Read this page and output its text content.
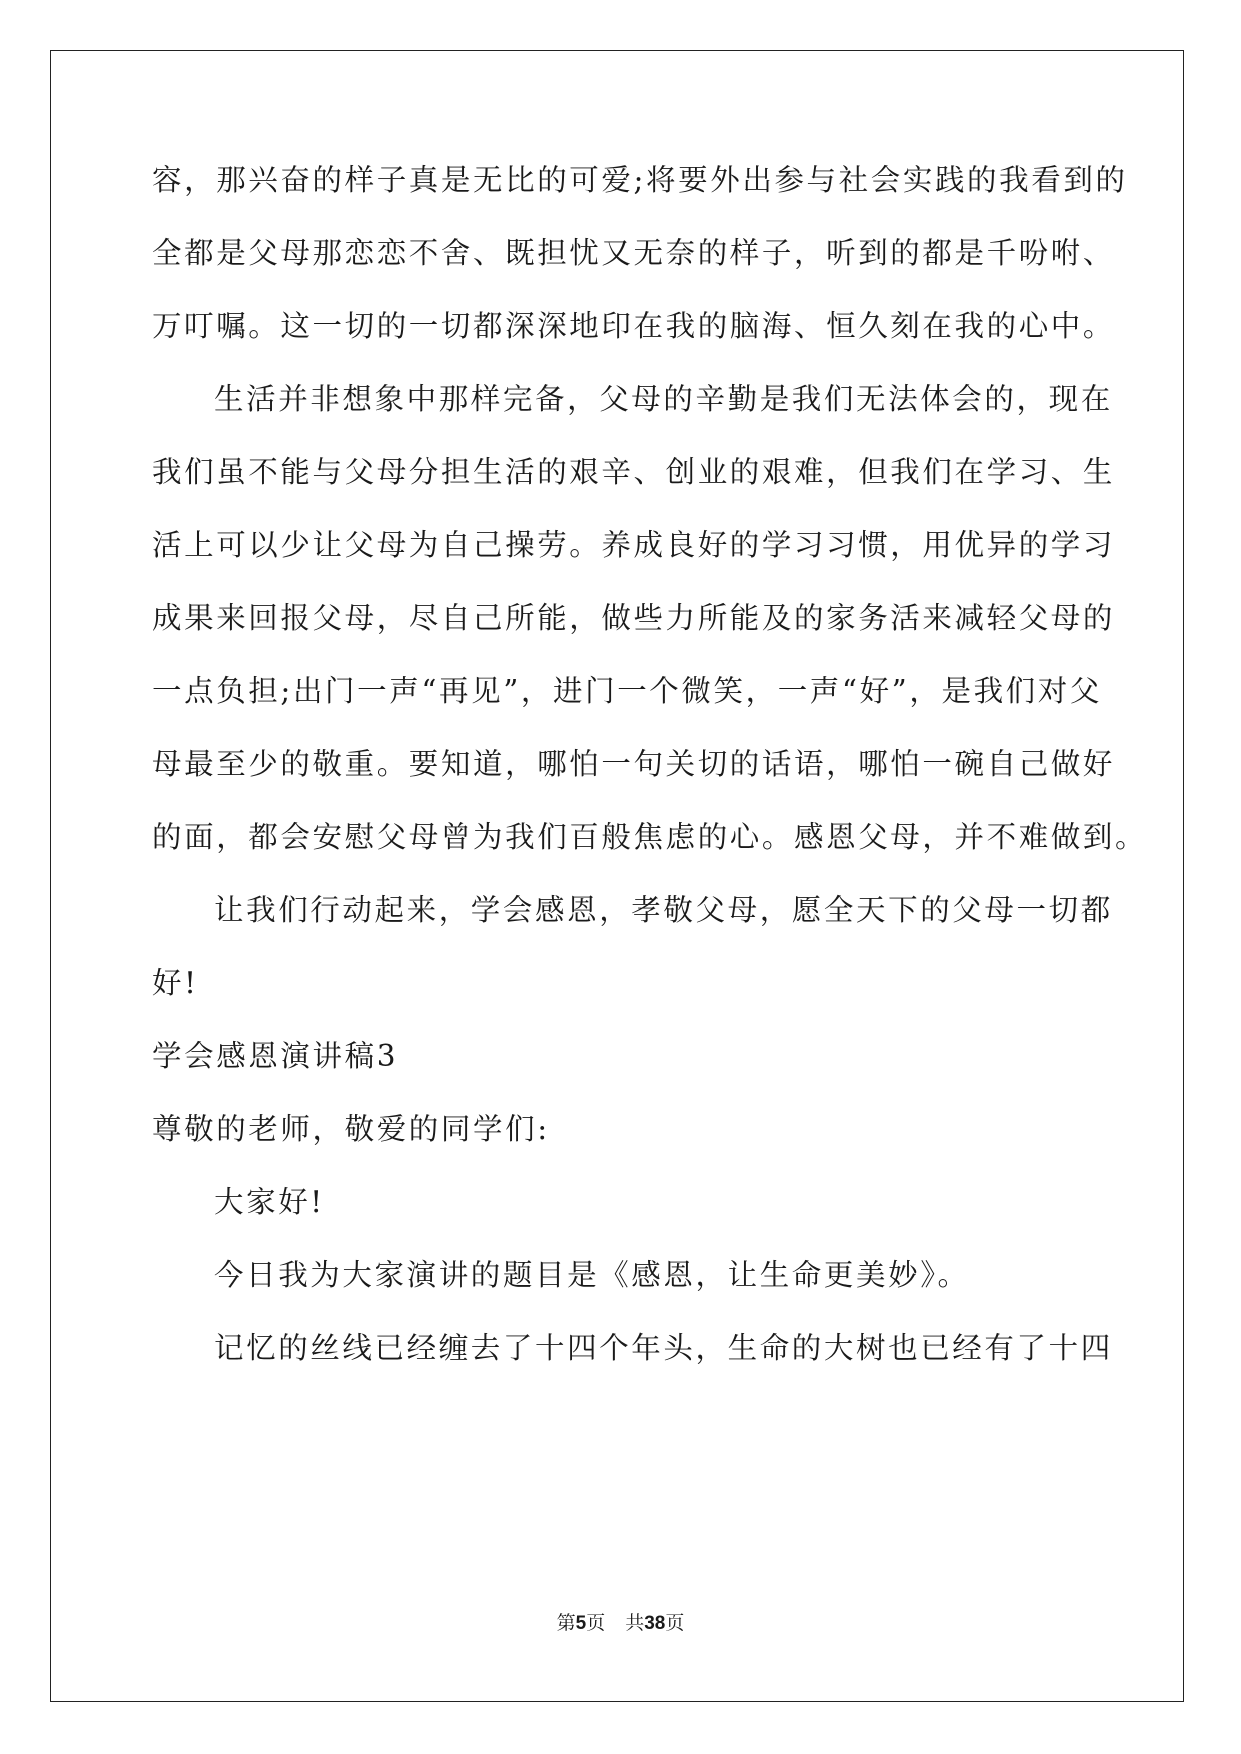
容，那兴奋的样子真是无比的可爱;将要外出参与社会实践的我看到的
全都是父母那恋恋不舍、既担忧又无奈的样子，听到的都是千吩咐、
万叮嘱。这一切的一切都深深地印在我的脑海、恒久刻在我的心中。
生活并非想象中那样完备，父母的辛勤是我们无法体会的，现在
我们虽不能与父母分担生活的艰辛、创业的艰难，但我们在学习、生
活上可以少让父母为自己操劳。养成良好的学习习惯，用优异的学习
成果来回报父母，尽自己所能，做些力所能及的家务活来减轻父母的
一点负担;出门一声“再见”，进门一个微笑，一声“好”，是我们对父
母最至少的敬重。要知道，哪怕一句关切的话语，哪怕一碗自己做好
的面，都会安慰父母曾为我们百般焦虑的心。感恩父母，并不难做到。
让我们行动起来，学会感恩，孝敬父母，愿全天下的父母一切都
好!
学会感恩演讲稿3
尊敬的老师，敬爱的同学们:
大家好!
今日我为大家演讲的题目是《感恩，让生命更美妙》。
记忆的丝线已经缠去了十四个年头，生命的大树也已经有了十四
第5页 共38页
